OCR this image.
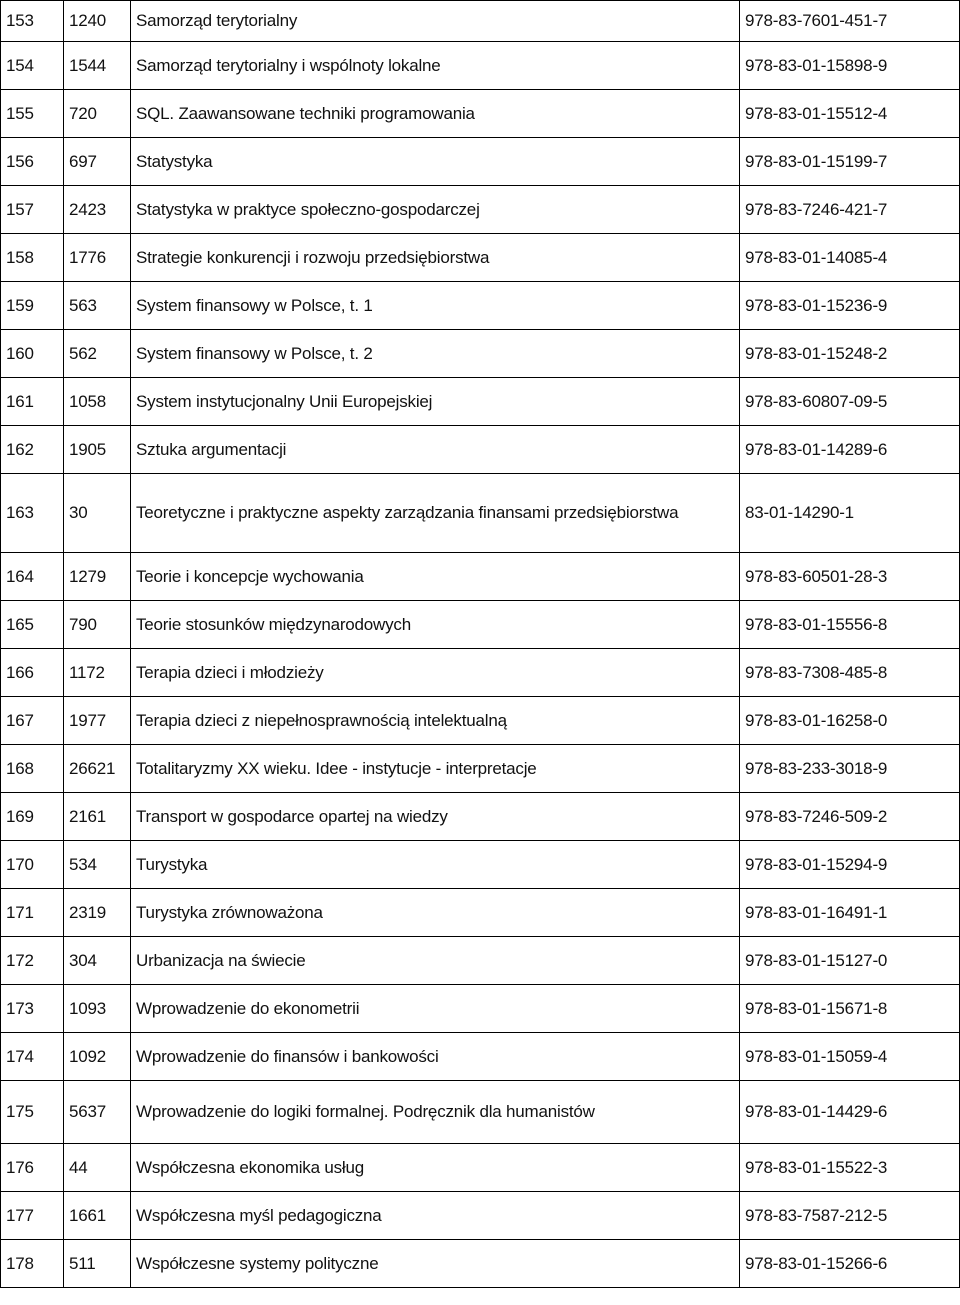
153	1240	Samorząd terytorialny	978-83-7601-451-7
154	1544	Samorząd terytorialny i wspólnoty lokalne	978-83-01-15898-9
155	720	SQL. Zaawansowane techniki programowania	978-83-01-15512-4
156	697	Statystyka	978-83-01-15199-7
157	2423	Statystyka w praktyce społeczno-gospodarczej	978-83-7246-421-7
158	1776	Strategie konkurencji i rozwoju przedsiębiorstwa	978-83-01-14085-4
159	563	System finansowy w Polsce, t. 1	978-83-01-15236-9
160	562	System finansowy w Polsce, t. 2	978-83-01-15248-2
161	1058	System instytucjonalny Unii Europejskiej	978-83-60807-09-5
162	1905	Sztuka argumentacji	978-83-01-14289-6
163	30	Teoretyczne i praktyczne aspekty zarządzania finansami przedsiębiorstwa	83-01-14290-1
164	1279	Teorie i koncepcje wychowania	978-83-60501-28-3
165	790	Teorie stosunków międzynarodowych	978-83-01-15556-8
166	1172	Terapia dzieci i młodzieży	978-83-7308-485-8
167	1977	Terapia dzieci z niepełnosprawnością intelektualną	978-83-01-16258-0
168	26621	Totalitaryzmy XX wieku. Idee - instytucje - interpretacje	978-83-233-3018-9
169	2161	Transport w gospodarce opartej na wiedzy	978-83-7246-509-2
170	534	Turystyka	978-83-01-15294-9
171	2319	Turystyka zrównoważona	978-83-01-16491-1
172	304	Urbanizacja na świecie	978-83-01-15127-0
173	1093	Wprowadzenie do ekonometrii	978-83-01-15671-8
174	1092	Wprowadzenie do finansów i bankowości	978-83-01-15059-4
175	5637	Wprowadzenie do logiki formalnej. Podręcznik dla humanistów	978-83-01-14429-6
176	44	Współczesna ekonomika usług	978-83-01-15522-3
177	1661	Współczesna myśl pedagogiczna	978-83-7587-212-5
178	511	Współczesne systemy polityczne	978-83-01-15266-6
